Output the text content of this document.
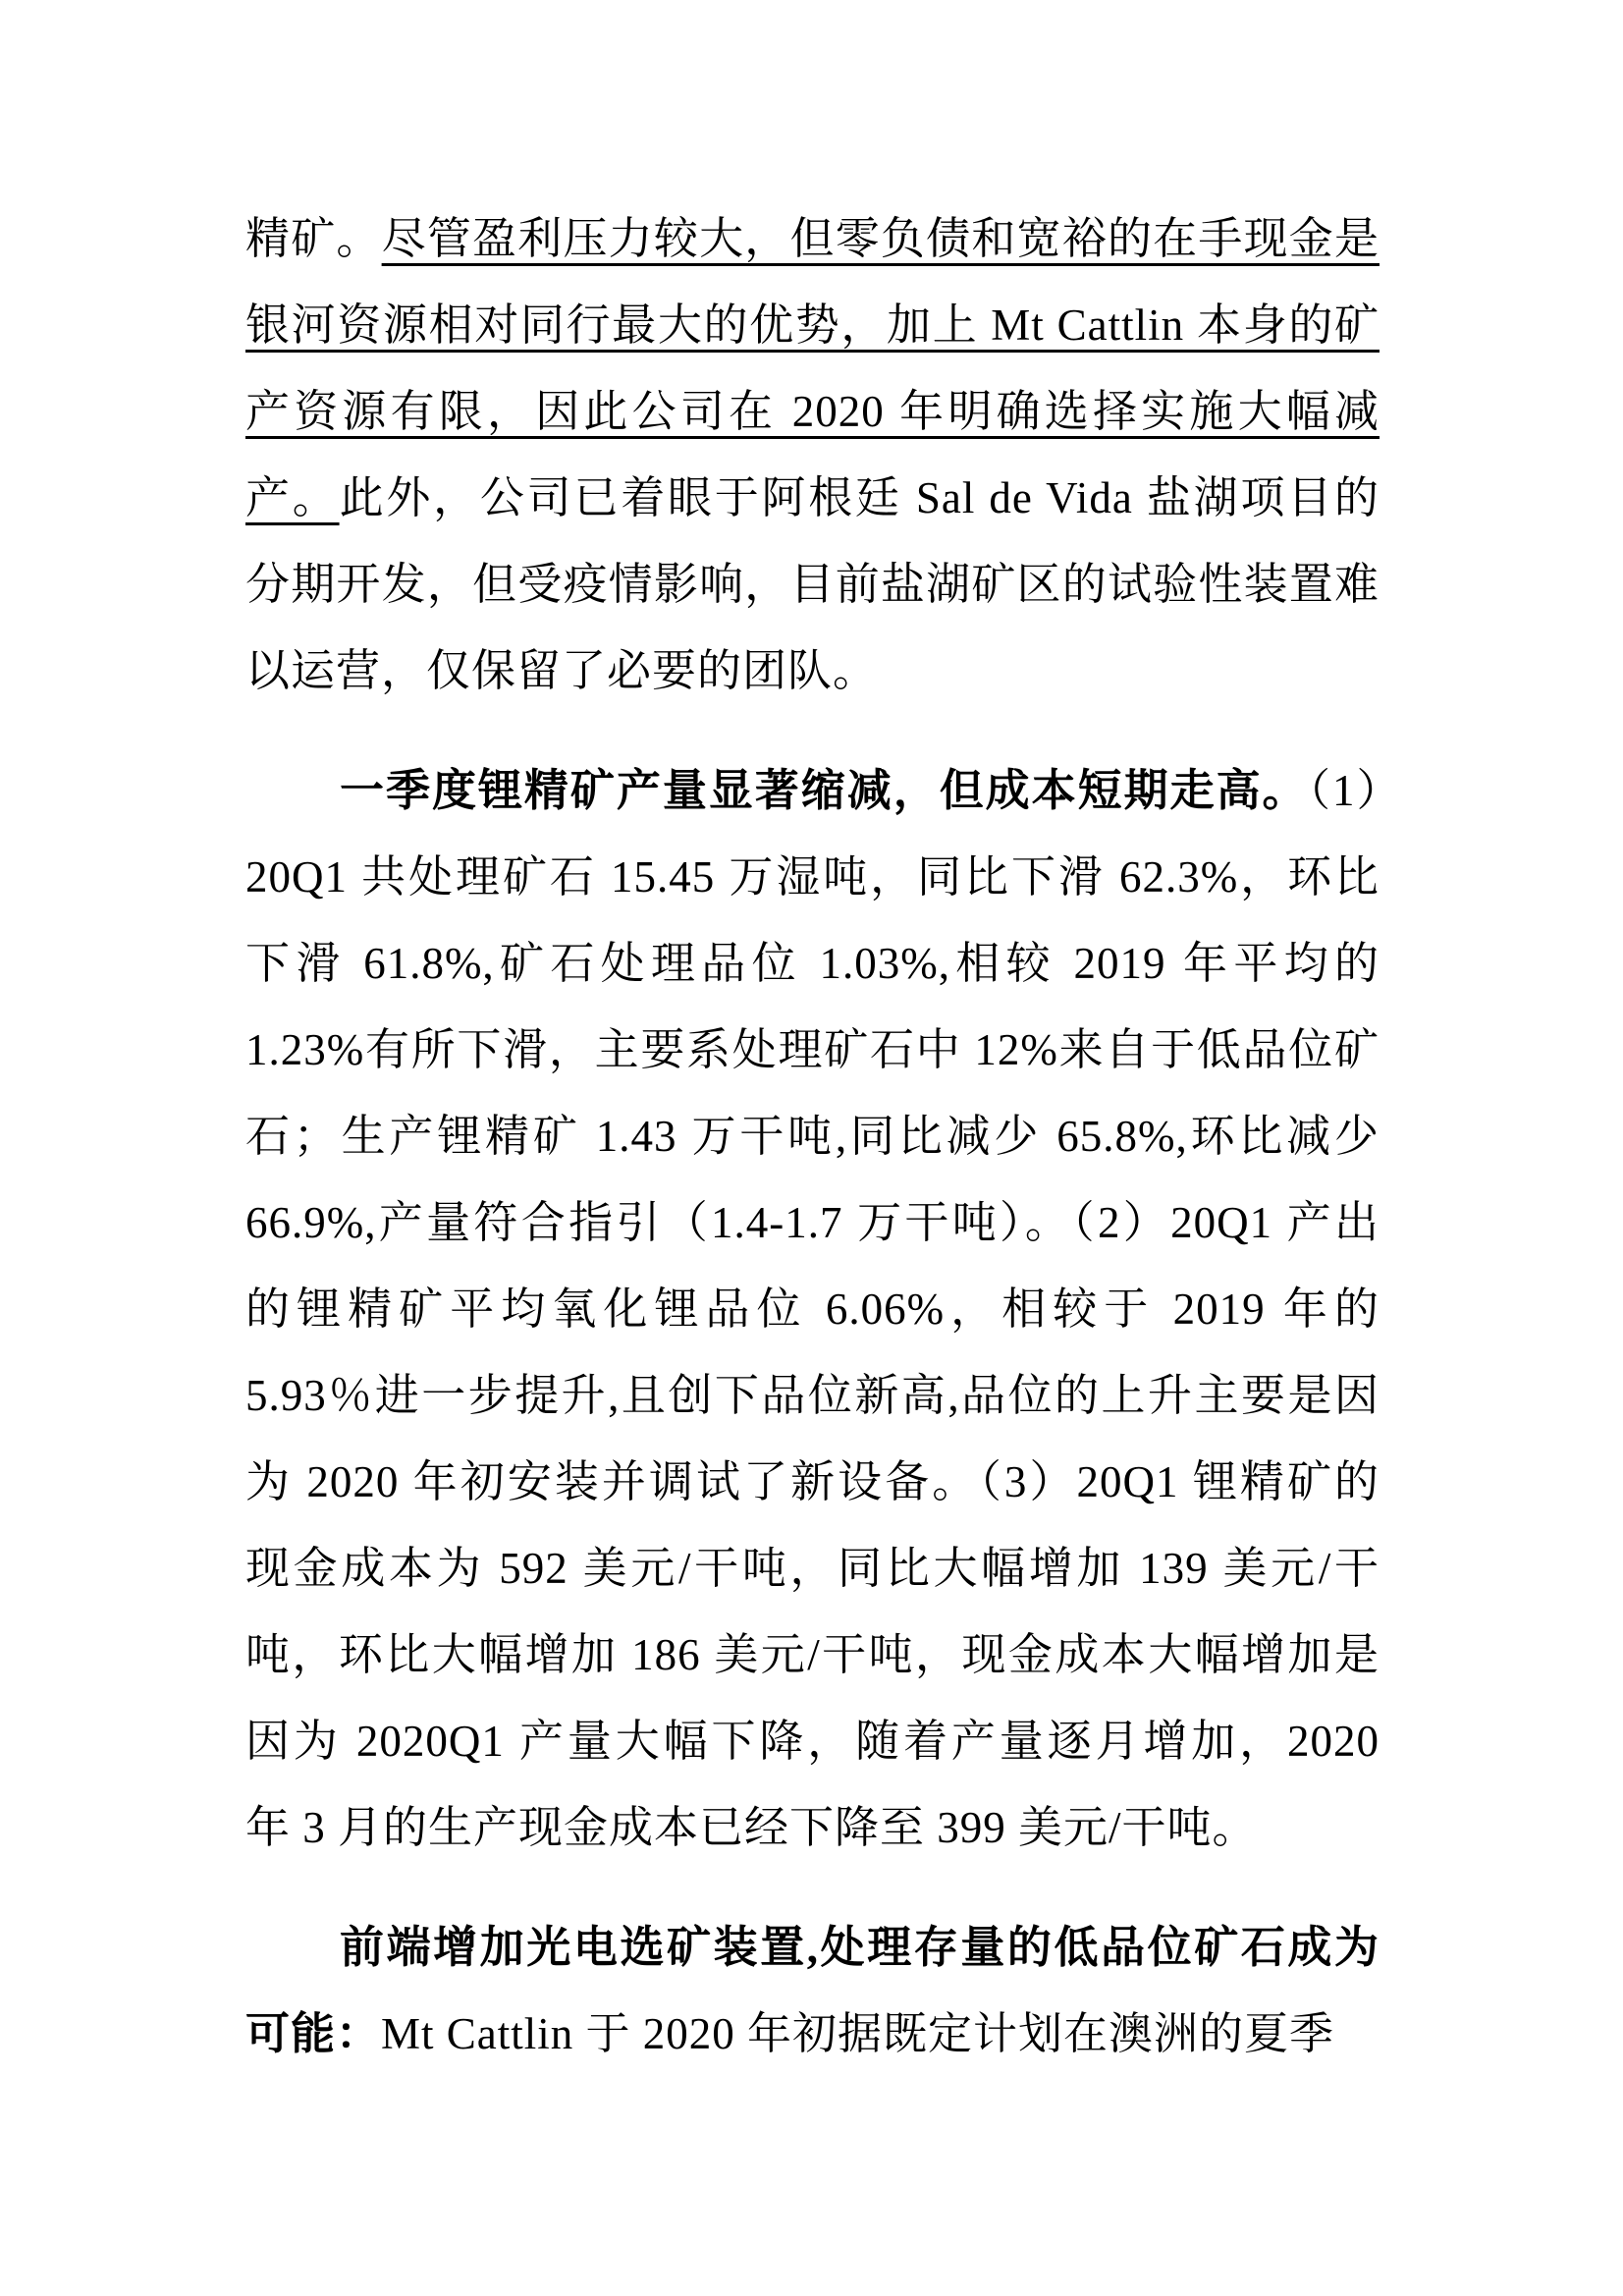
精矿。尽管盈利压力较大，但零负债和宽裕的在手现金是银河资源相对同行最大的优势，加上 Mt Cattlin 本身的矿产资源有限，因此公司在 2020 年明确选择实施大幅减产。此外，公司已着眼于阿根廷 Sal de Vida 盐湖项目的分期开发，但受疫情影响，目前盐湖矿区的试验性装置难以运营，仅保留了必要的团队。

一季度锂精矿产量显著缩减，但成本短期走高。（1）20Q1 共处理矿石 15.45 万湿吨，同比下滑 62.3%，环比下滑 61.8%,矿石处理品位 1.03%,相较 2019 年平均的 1.23%有所下滑，主要系处理矿石中 12%来自于低品位矿石；生产锂精矿 1.43 万干吨,同比减少 65.8%,环比减少 66.9%,产量符合指引（1.4-1.7 万干吨）。（2）20Q1 产出的锂精矿平均氧化锂品位 6.06%，相较于 2019 年的 5.93％进一步提升,且创下品位新高,品位的上升主要是因为 2020 年初安装并调试了新设备。（3）20Q1 锂精矿的现金成本为 592 美元/干吨，同比大幅增加 139 美元/干吨，环比大幅增加 186 美元/干吨，现金成本大幅增加是因为 2020Q1 产量大幅下降，随着产量逐月增加，2020 年 3 月的生产现金成本已经下降至 399 美元/干吨。

前端增加光电选矿装置,处理存量的低品位矿石成为可能：Mt Cattlin 于 2020 年初据既定计划在澳洲的夏季
